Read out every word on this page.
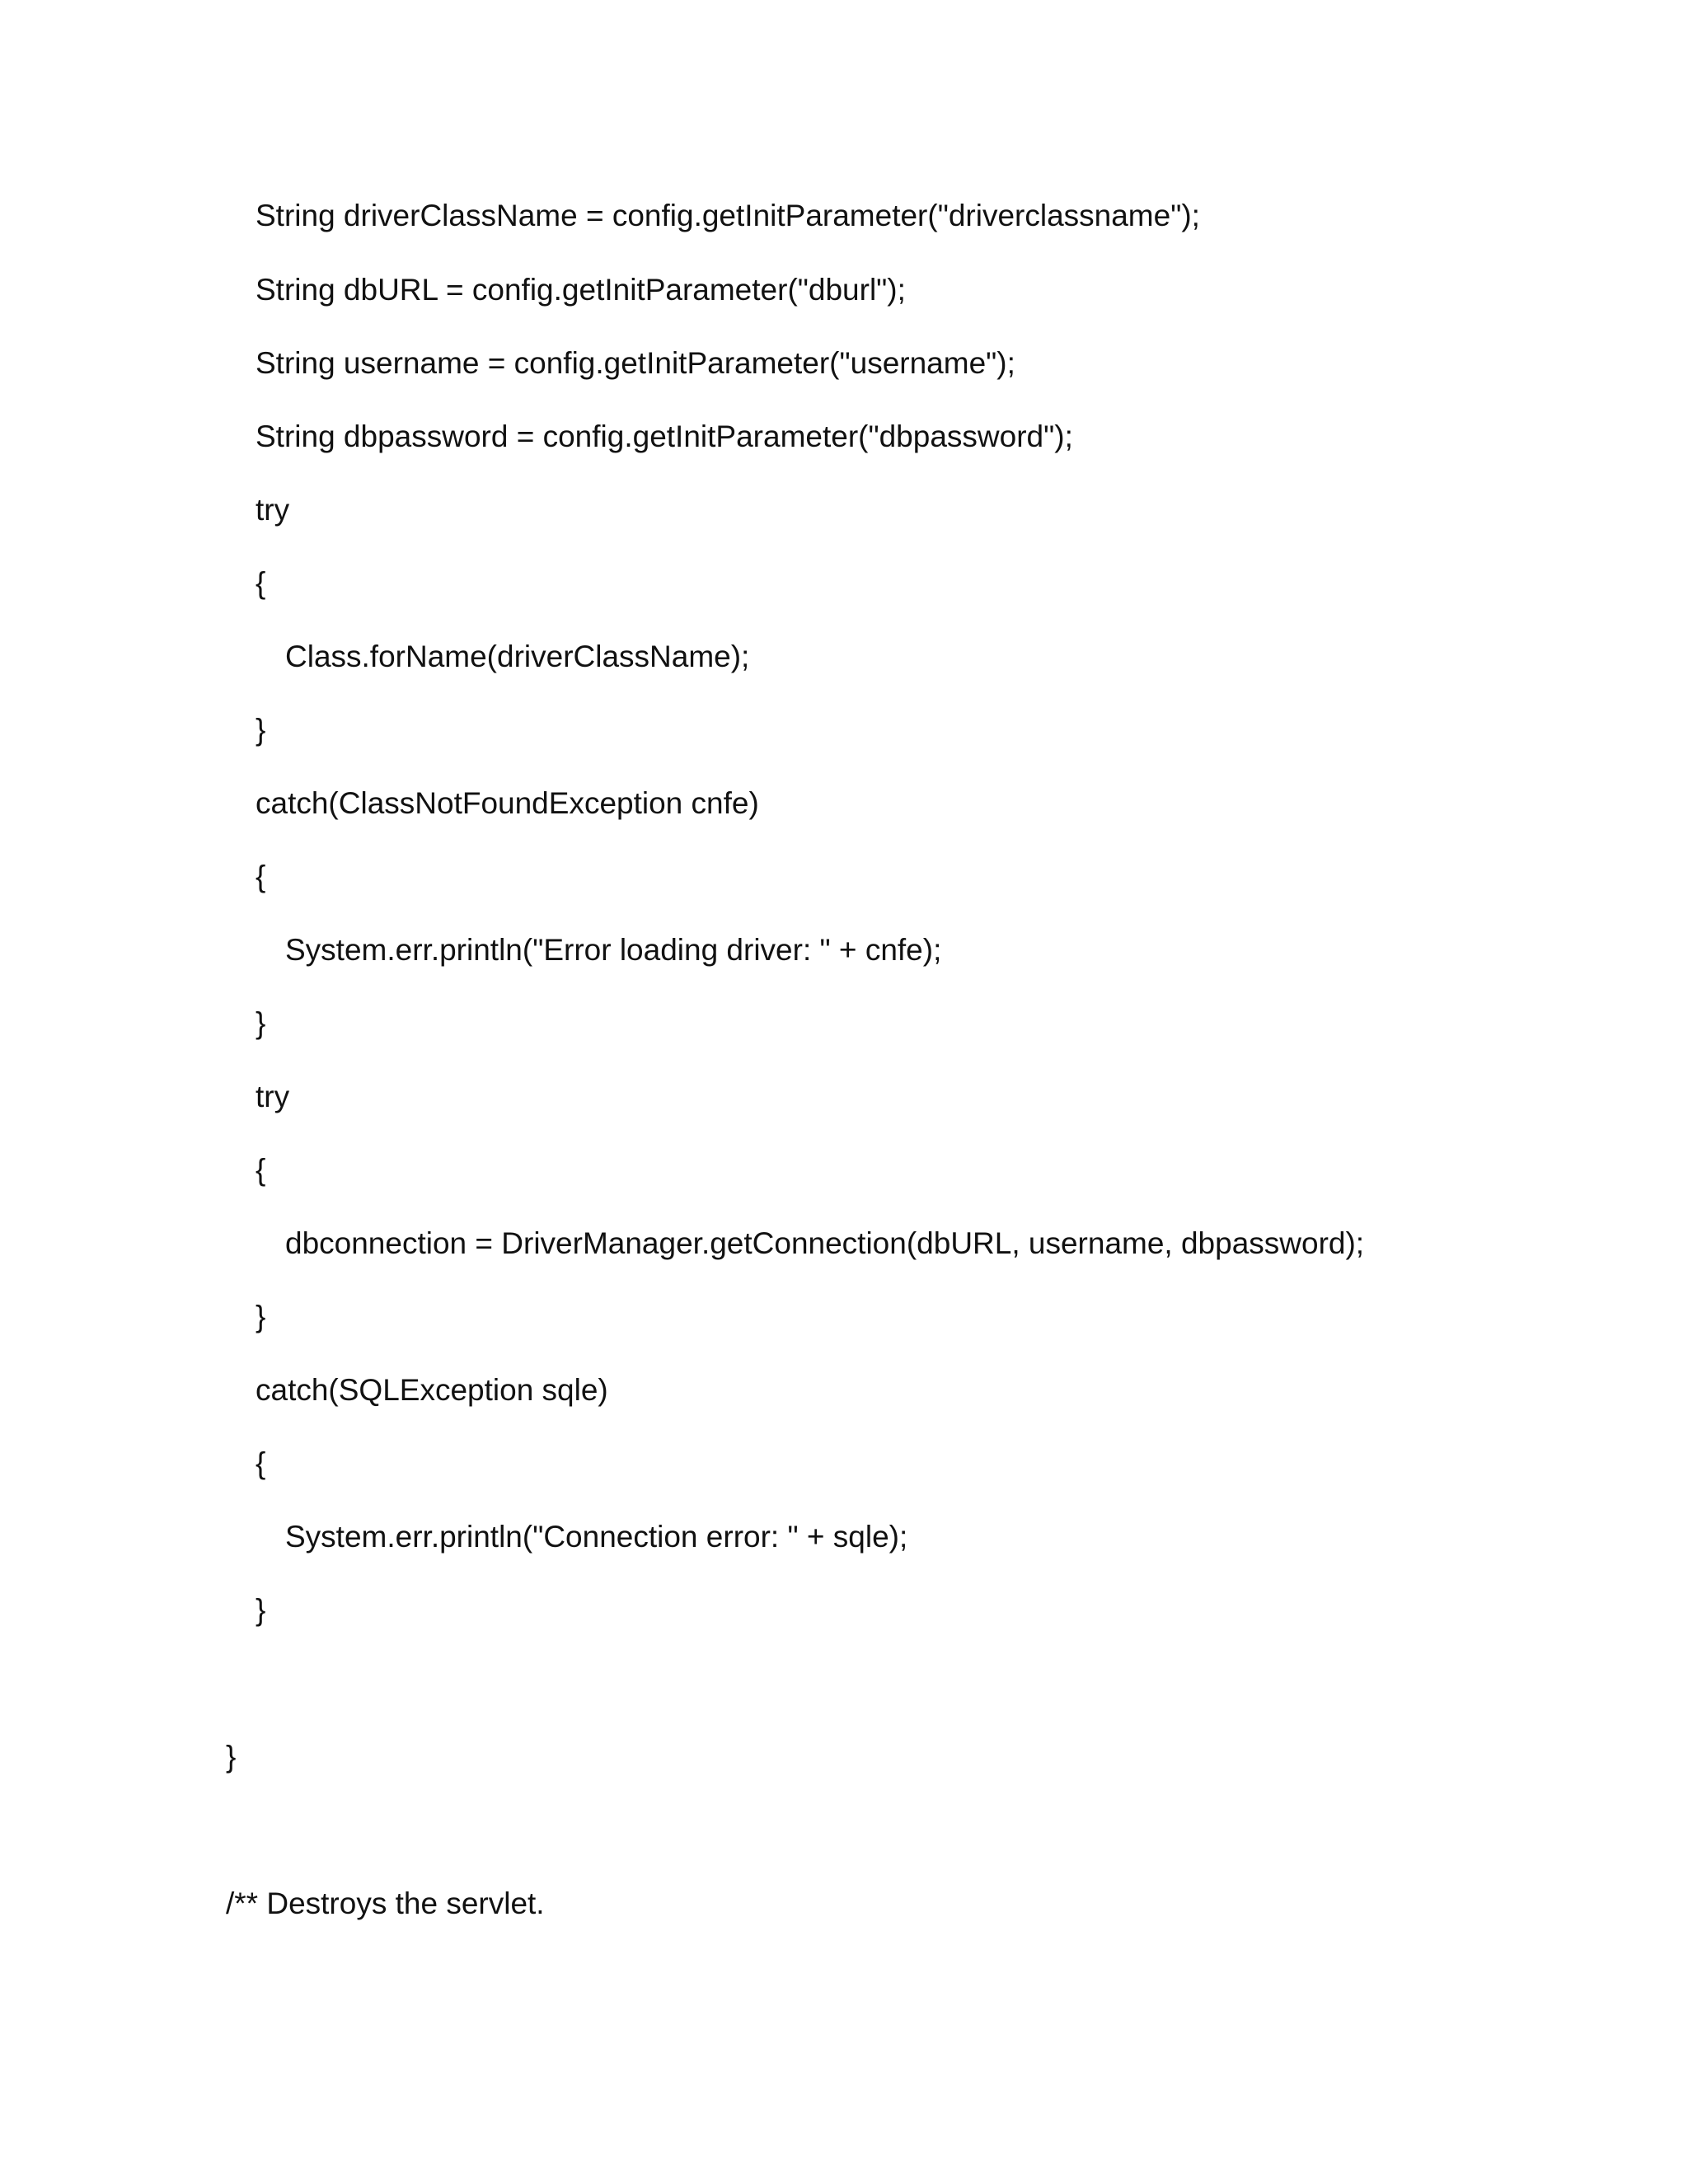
String driverClassName = config.getInitParameter("driverclassname");

String dbURL = config.getInitParameter("dburl");

String username = config.getInitParameter("username");

String dbpassword = config.getInitParameter("dbpassword");

try

{

Class.forName(driverClassName);

}

catch(ClassNotFoundException cnfe)

{

System.err.println("Error loading driver: " + cnfe);

}

try

{

dbconnection = DriverManager.getConnection(dbURL, username, dbpassword);

}

catch(SQLException sqle)

{

System.err.println("Connection error: " + sqle);

}

}

/** Destroys the servlet.
